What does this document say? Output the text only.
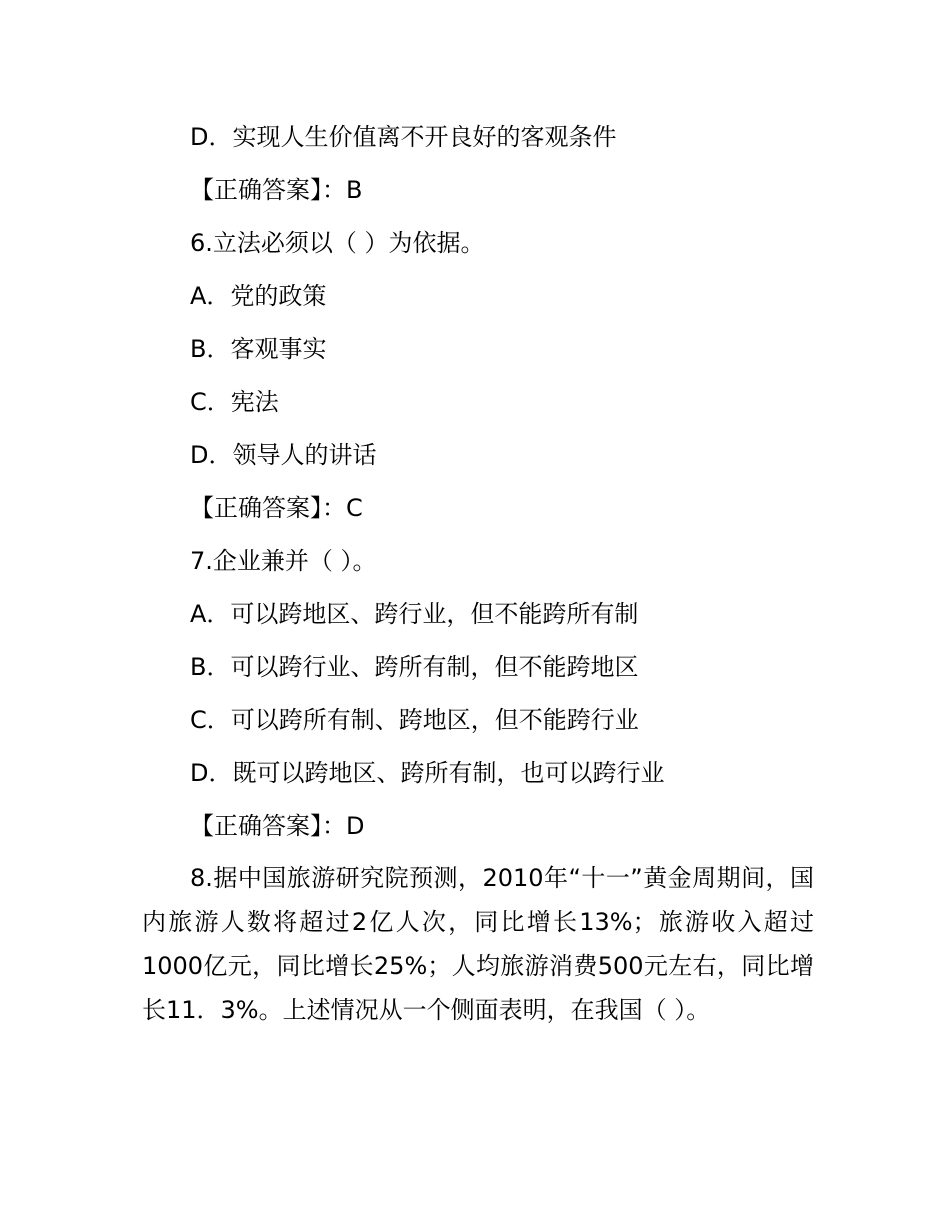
D．实现人生价值离不开良好的客观条件
【正确答案】：B
6.立法必须以（ ）为依据。
A．党的政策
B．客观事实
C．宪法
D．领导人的讲话
【正确答案】：C
7.企业兼并（ ）。
A．可以跨地区、跨行业，但不能跨所有制
B．可以跨行业、跨所有制，但不能跨地区
C．可以跨所有制、跨地区，但不能跨行业
D．既可以跨地区、跨所有制，也可以跨行业
【正确答案】：D
8.据中国旅游研究院预测，2010年“十一”黄金周期间，国内旅游人数将超过2亿人次，同比增长13%；旅游收入超过1000亿元，同比增长25%；人均旅游消费500元左右，同比增长11．3%。上述情况从一个侧面表明，在我国（ ）。
